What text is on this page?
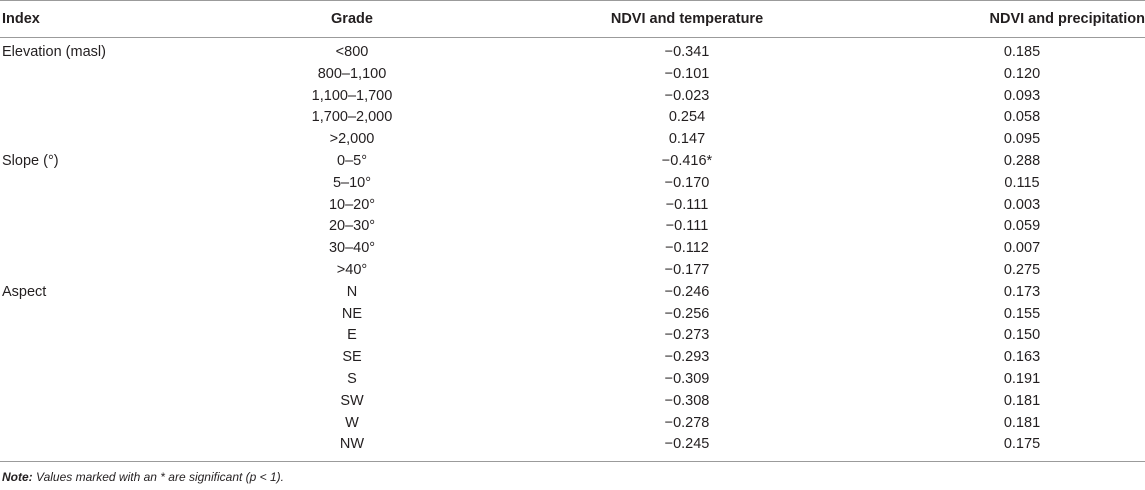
Index	Grade	NDVI and temperature	NDVI and precipitation
Elevation (masl)	<800	−0.341	0.185
	800–1,100	−0.101	0.120
	1,100–1,700	−0.023	0.093
	1,700–2,000	0.254	0.058
	>2,000	0.147	0.095
Slope (°)	0–5°	−0.416*	0.288
	5–10°	−0.170	0.115
	10–20°	−0.111	0.003
	20–30°	−0.111	0.059
	30–40°	−0.112	0.007
	>40°	−0.177	0.275
Aspect	N	−0.246	0.173
	NE	−0.256	0.155
	E	−0.273	0.150
	SE	−0.293	0.163
	S	−0.309	0.191
	SW	−0.308	0.181
	W	−0.278	0.181
	NW	−0.245	0.175
Note: Values marked with an * are significant (p < 1).
